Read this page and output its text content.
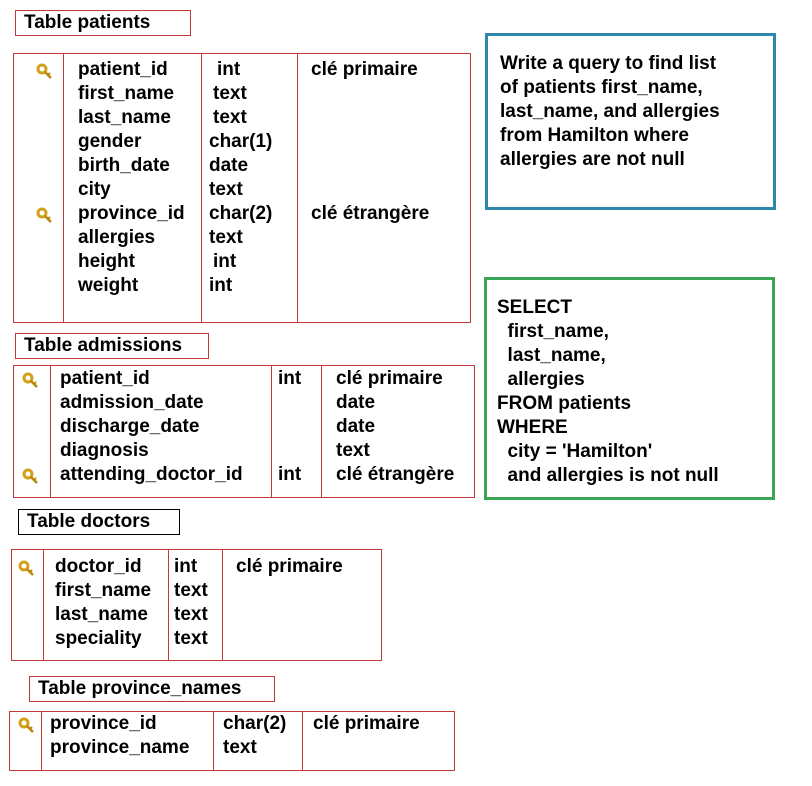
Table patients
patient_id	int	clé primaire
first_name text
last_name text
gender	char(1)
birth_date date
city	text
province_id char(2) clé étrangère
allergies	text
height	int
weight	int
Table admissions
patient_id	int clé primaire
admission_date	date
discharge_date	date
diagnosis	text
attending_doctor_id int clé étrangère
Table doctors
doctor_id int clé primaire
first_name text
last_name text
speciality text
Table province_names
province_id	char(2) clé primaire
province_name text
Write a query to find list
of patients first_name,
last_name, and allergies
from Hamilton where
allergies are not null
SELECT
first_name,
last_name,
allergies
FROM patients
WHERE
city = 'Hamilton'
and allergies is not null
